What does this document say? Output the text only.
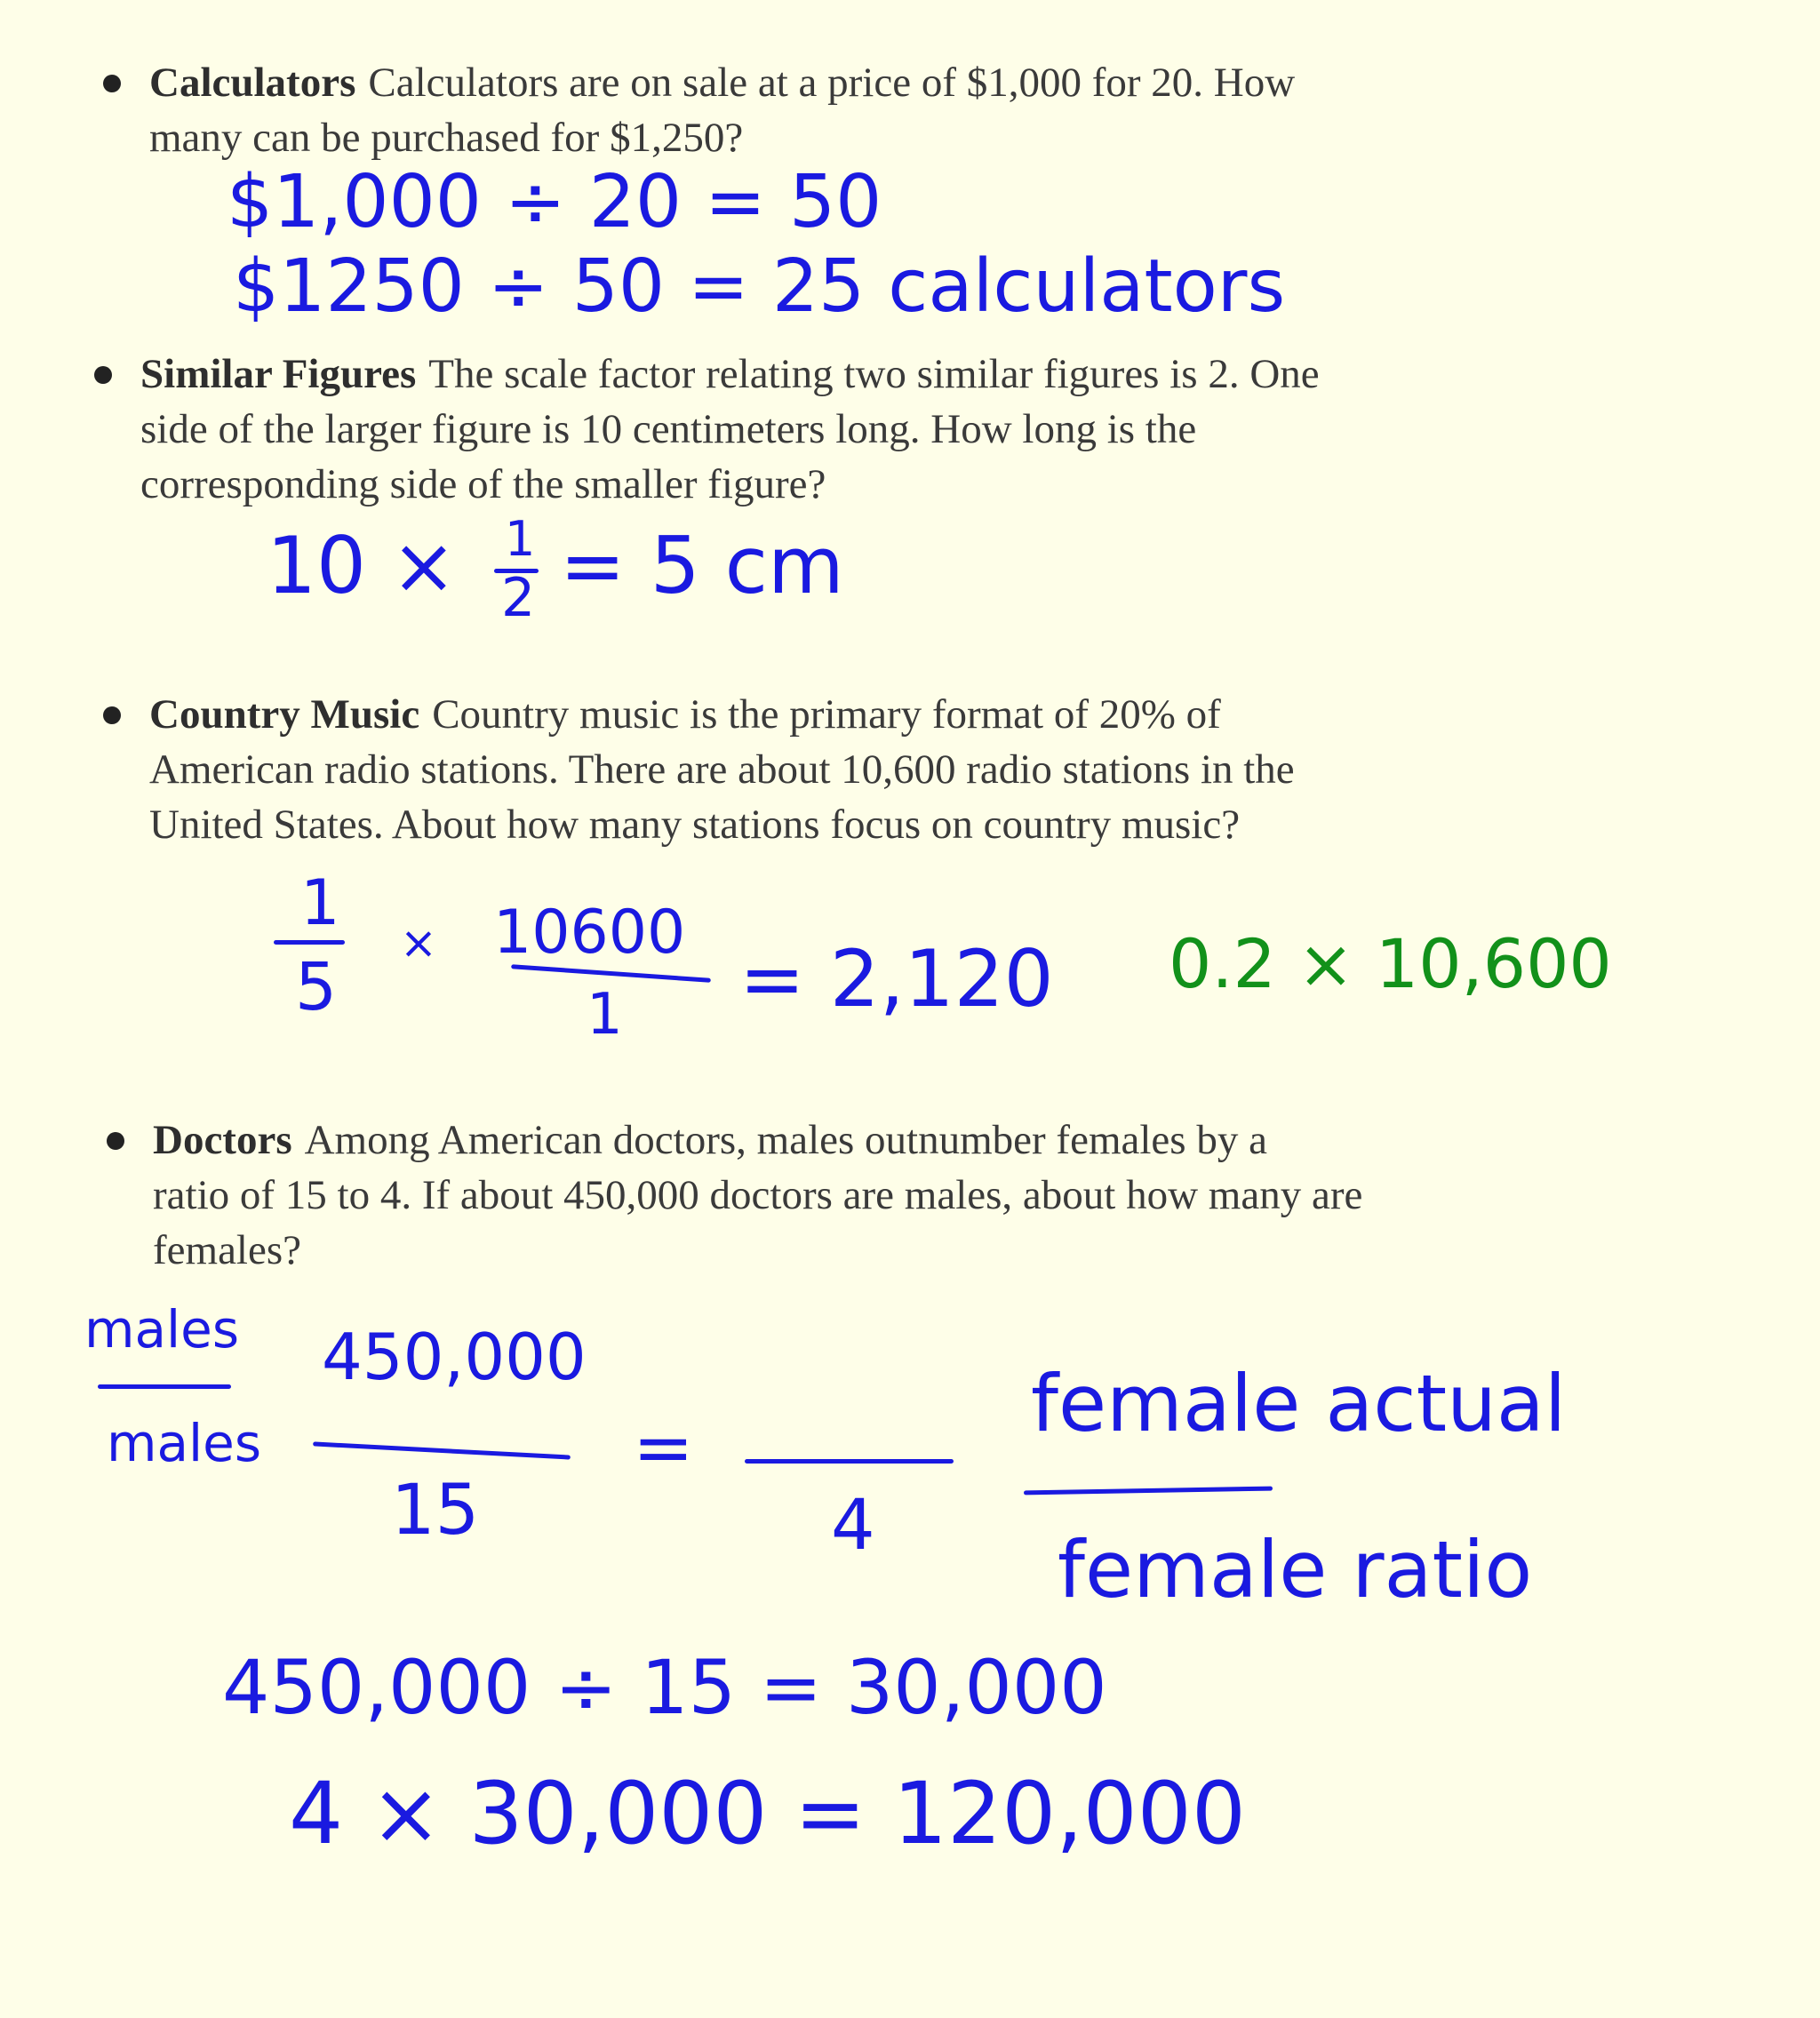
Calculators Calculators are on sale at a price of $1,000 for 20. How
many can be purchased for $1,250?
$1,000 ÷ 20 = 50
$1250 ÷ 50 = 25 calculators
Similar Figures The scale factor relating two similar figures is 2. One
side of the larger figure is 10 centimeters long. How long is the
corresponding side of the smaller figure?
10 × 1
2 = 5 cm
Country Music Country music is the primary format of 20% of
American radio stations. There are about 10,600 radio stations in the
United States. About how many stations focus on country music?
1
5
× 10600
1 = 2,120 0.2 × 10,600
Doctors Among American doctors, males outnumber females by a
ratio of 15 to 4. If about 450,000 doctors are males, about how many are
females?
males
males
450,000
15
=
4
female actual
female ratio
450,000 ÷ 15 = 30,000
4 × 30,000 = 120,000
